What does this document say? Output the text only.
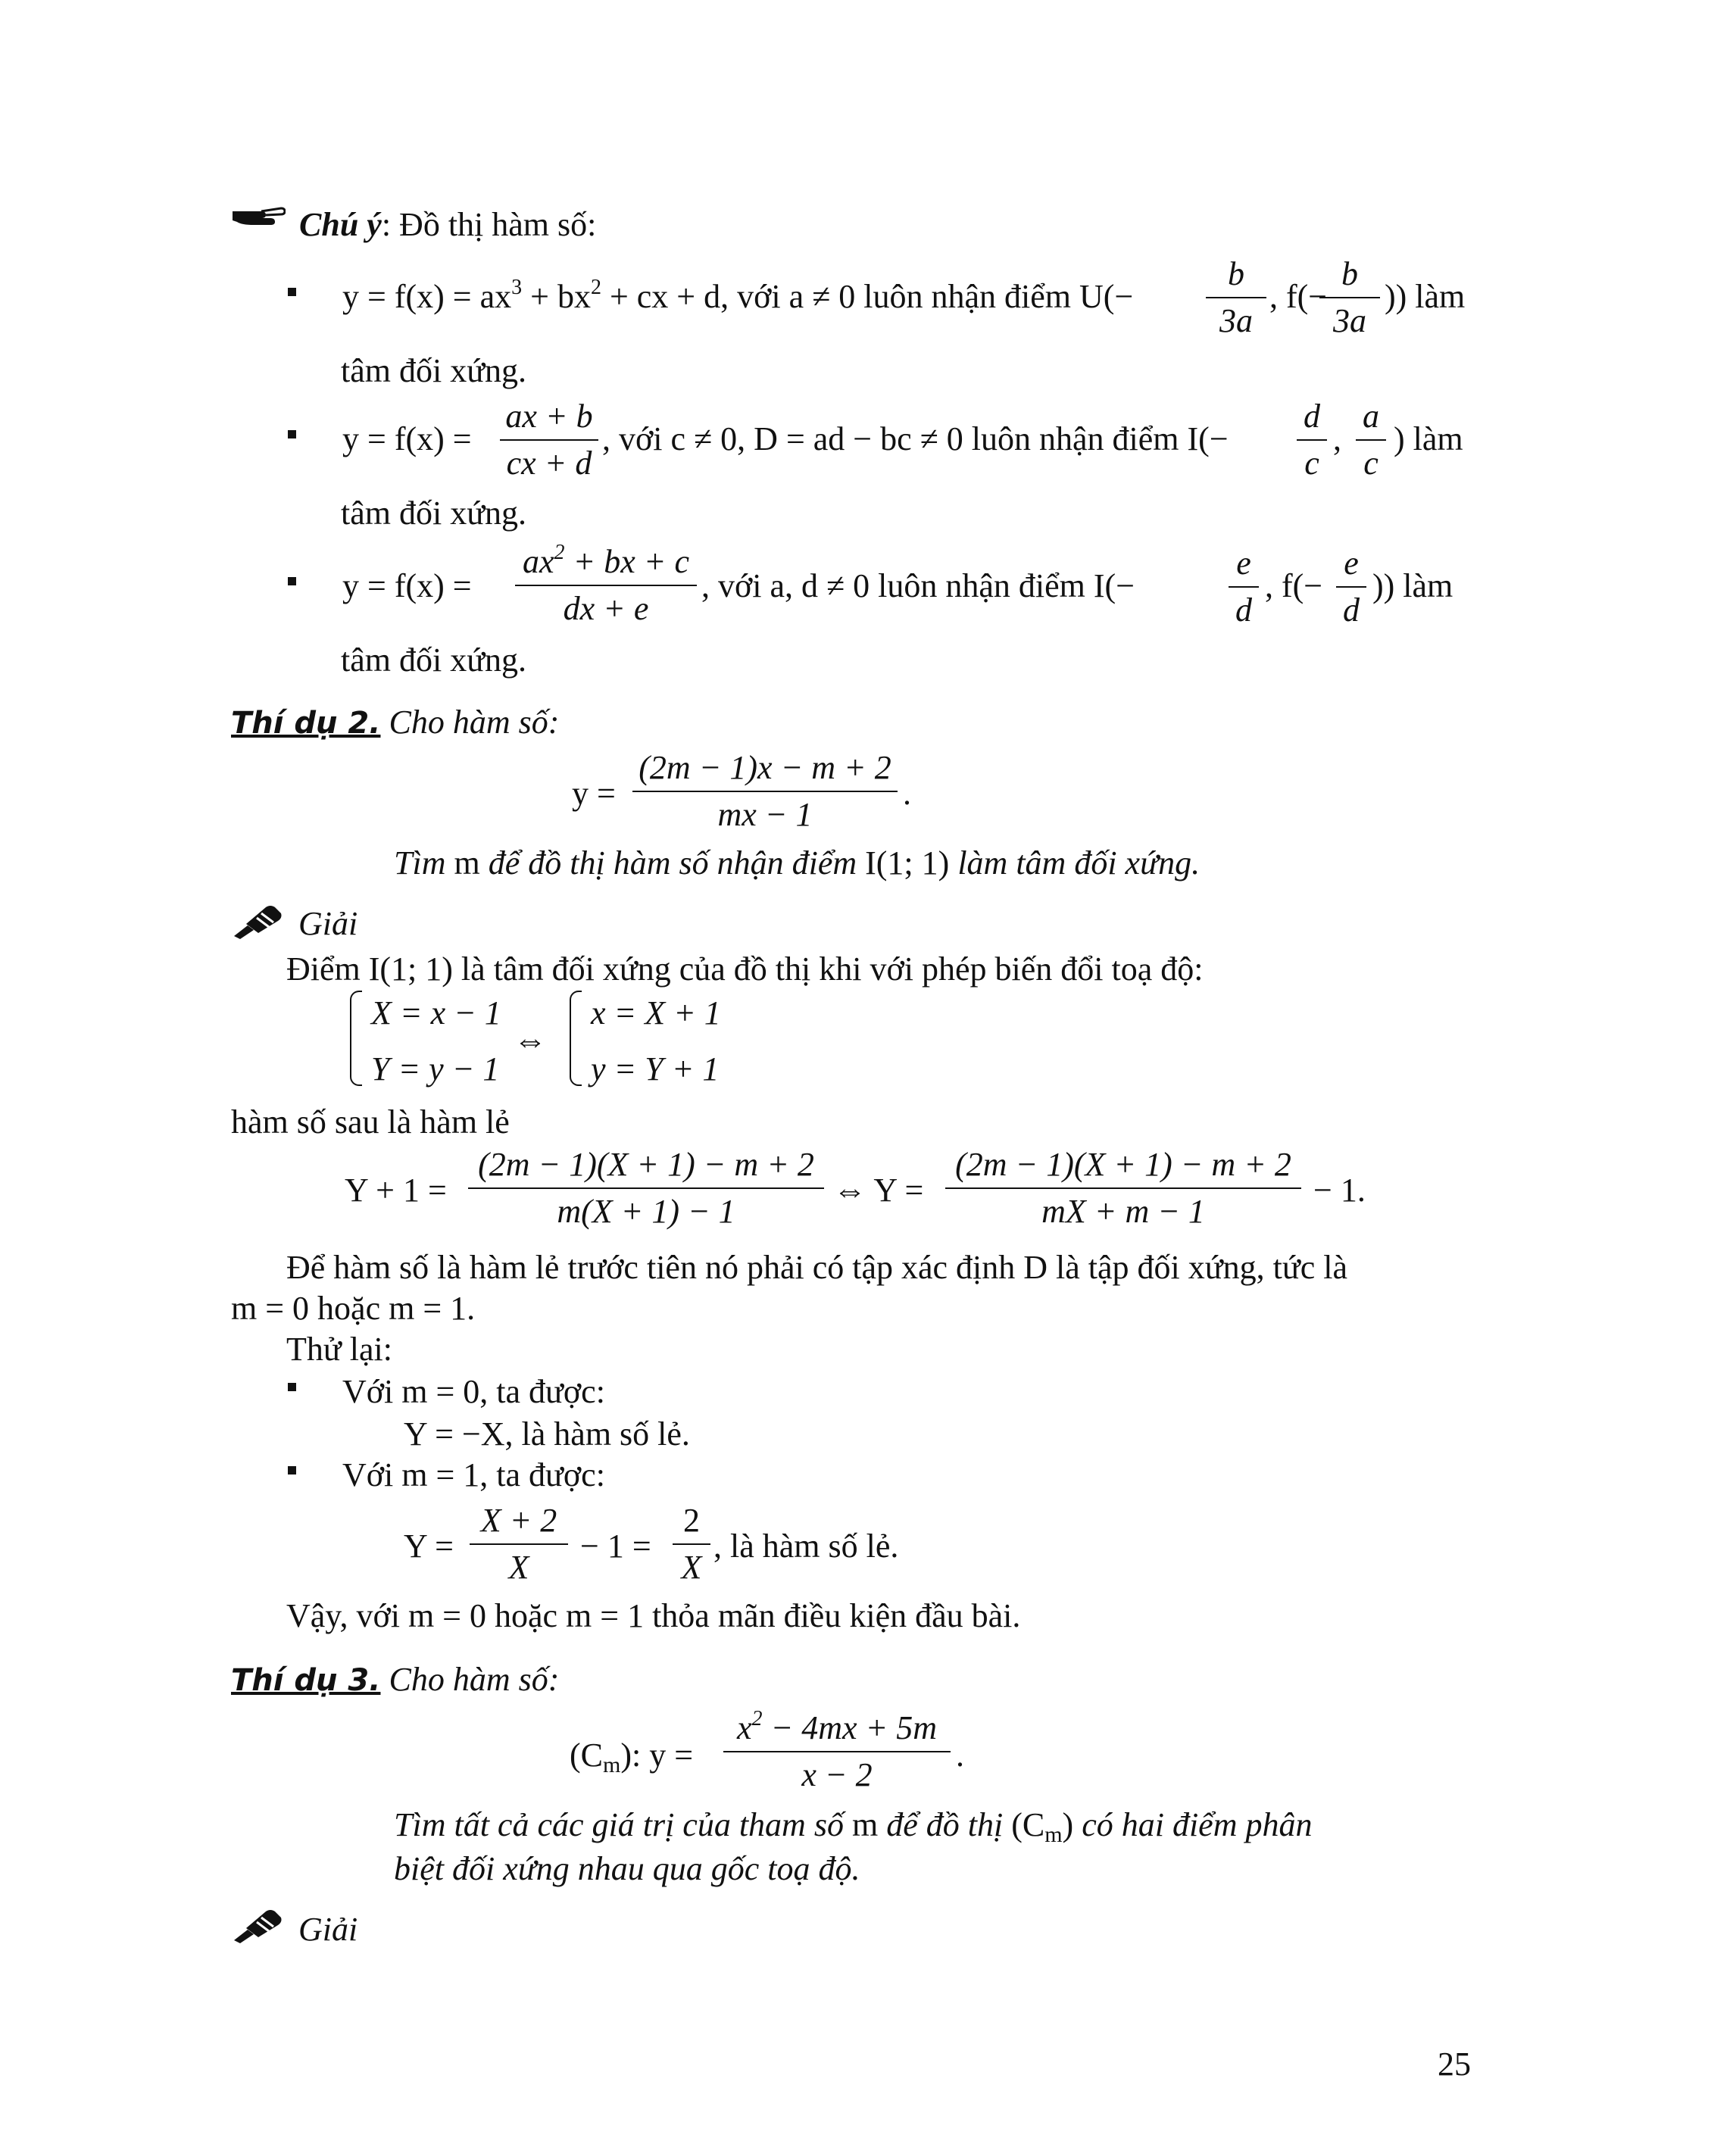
Chú ý: Đồ thị hàm số:
$y = f(x) = ax^3 + bx^2$ + cx + d, với a ≠ 0 luôn nhận điểm U(−
b
3a
, f(−
b
3a
)) làm
tâm đối xứng.
y = f(x) =
ax + b
cx + d
, với c ≠ 0, D = ad − bc ≠ 0 luôn nhận điểm I(−
d
c
,
a
c
) làm
tâm đối xứng.
y = f(x) =
$ax^2$ + bx + c
dx + e
, với a, d ≠ 0 luôn nhận điểm I(−
e
d
, f(−
e
d
)) làm
tâm đối xứng.
Thí dụ 2. Cho hàm số:
y =
(2m − 1)x − m + 2
mx − 1
.
Tìm m để đồ thị hàm số nhận điểm I(1; 1) làm tâm đối xứng.
Giải
Điểm I(1; 1) là tâm đối xứng của đồ thị khi với phép biến đổi toạ độ:
X = x − 1
Y = y − 1
⇔
x = X + 1
y = Y + 1
hàm số sau là hàm lẻ
Y + 1 =
(2m − 1)(X + 1) − m + 2
m(X + 1) − 1
⇔ Y =
(2m − 1)(X + 1) − m + 2
mX + m − 1
− 1.
Để hàm số là hàm lẻ trước tiên nó phải có tập xác định D là tập đối xứng, tức là
m = 0 hoặc m = 1.
Thử lại:
Với m = 0, ta được:
Y = −X, là hàm số lẻ.
Với m = 1, ta được:
Y =
X + 2
X
− 1 =
2
X
, là hàm số lẻ.
Vậy, với m = 0 hoặc m = 1 thỏa mãn điều kiện đầu bài.
Thí dụ 3. Cho hàm số:
(Cm): y =
$x^2 - 4mx + 5m$
x − 2
.
Tìm tất cả các giá trị của tham số m để đồ thị (Cm) có hai điểm phân
biệt đối xứng nhau qua gốc toạ độ.
Giải
25
